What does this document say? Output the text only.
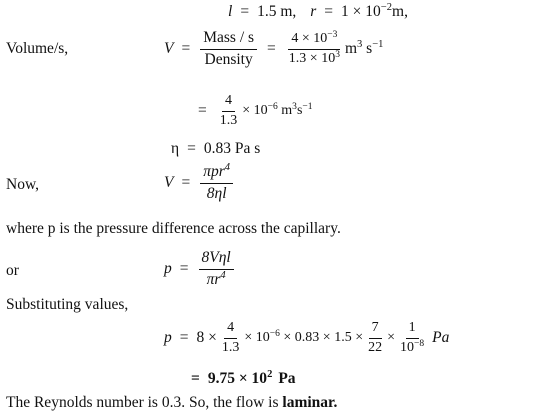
l = 1.5 m, $r = 1 \times 10^{-2}m$,
Volume/s,	$V = \frac{\text{Mass / s}}{\text{Density}} = \frac{4 \times 10^{-3}}{1.3 \times 10^3} m^3$ $s^{-1}$
= $\frac{4}{1.3} \times 10^{-6}$ $m^3s^{-1}$
η = 0.83 Pa s
Now,	$V = \frac{\pi pr^4}{8\eta l}$
where p is the pressure difference across the capillary.
or	$p = \frac{\text{8Vηl}}{\pi r^4}$
Substituting values,
$p = 8 \times \frac{4}{1.3} \times 10^{-6} \times 0.83 \times 1.5 \times \frac{7}{22} \times \frac{1}{10^{-8}}$ Pa
= $9.75 \times 10^2$ Pa
The Reynolds number is 0.3. So, the flow is laminar.
